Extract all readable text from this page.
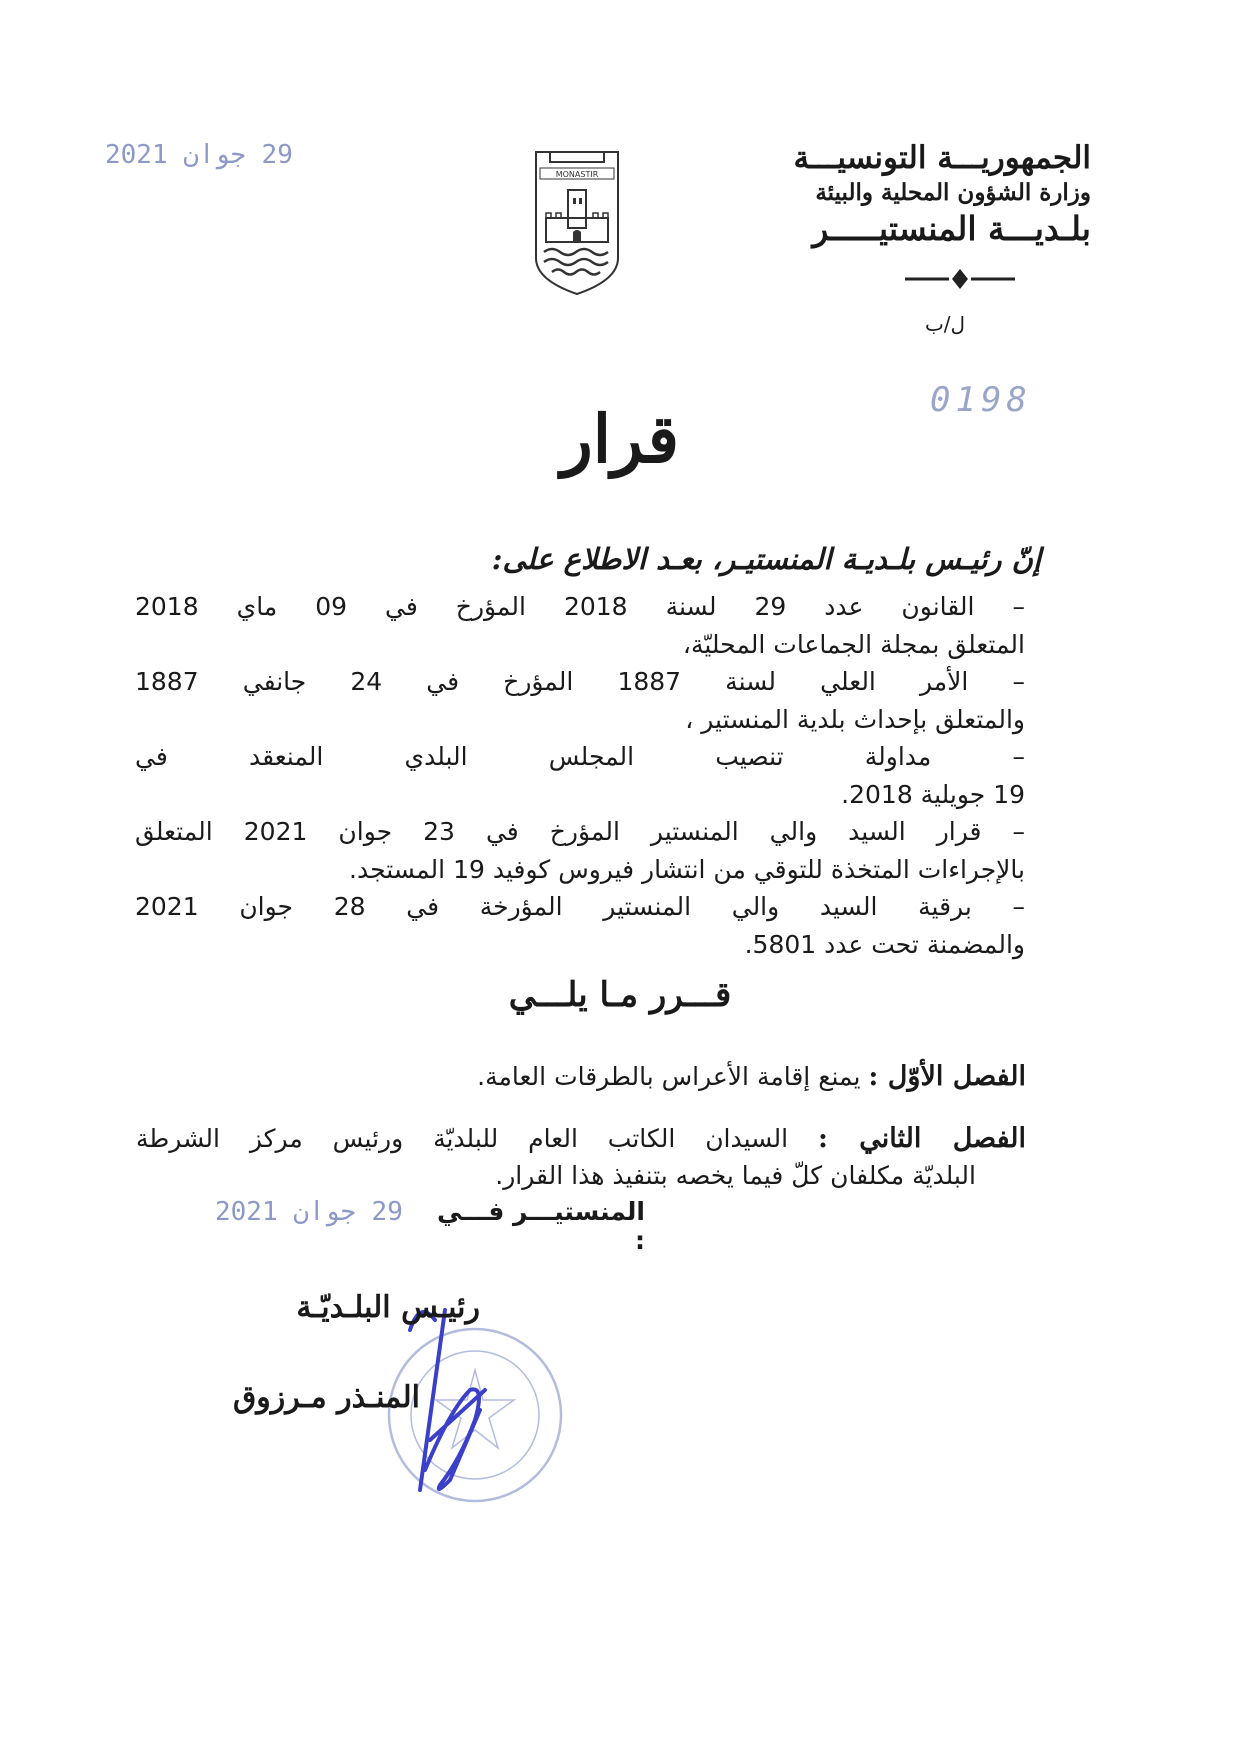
الجمهوريـــة التونسيـــة
وزارة الشؤون المحلية والبيئة
بلـديـــة المنستيـــــر
ل/ب
0198
29 جوان 2021
MONASTIR
قرار
إنّ رئيـس بلـديـة المنستيـر، بعـد الاطلاع على:

– القانون عدد 29 لسنة 2018 المؤرخ في 09 ماي 2018

المتعلق بمجلة الجماعات المحليّة،

– الأمر العلي لسنة 1887 المؤرخ في 24 جانفي 1887

والمتعلق بإحداث بلدية المنستير ،

– مداولة تنصيب المجلس البلدي المنعقد في

19 جويلية 2018.

– قرار السيد والي المنستير المؤرخ في 23 جوان 2021 المتعلق

بالإجراءات المتخذة للتوقي من انتشار فيروس كوفيد 19 المستجد.

– برقية السيد والي المنستير المؤرخة في 28 جوان 2021

والمضمنة تحت عدد 5801.

قـــرر مـا يلـــي
الفصل الأوّل : يمنع إقامة الأعراس بالطرقات العامة.
الفصل الثاني : السيدان الكاتب العام للبلديّة ورئيس مركز الشرطة
البلديّة مكلفان كلّ فيما يخصه بتنفيذ هذا القرار.
المنستيـــر فـــي :
29 جوان 2021
رئيـس البلـديّـة
المنـذر مـرزوق
